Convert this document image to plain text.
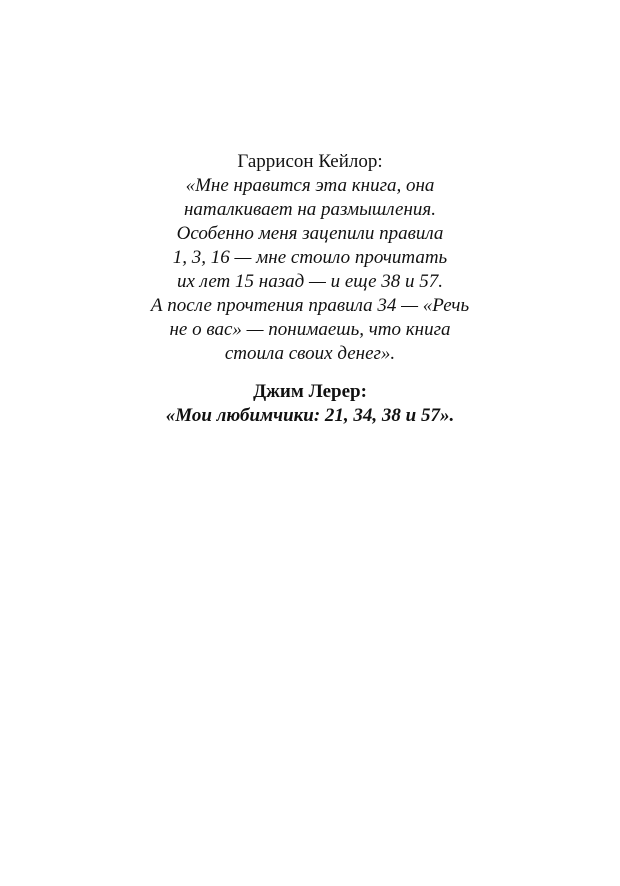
Гаррисон Кейлор:
«Мне нравится эта книга, она
наталкивает на размышления.
Особенно меня зацепили правила
1, 3, 16 — мне стоило прочитать
их лет 15 назад — и еще 38 и 57.
А после прочтения правила 34 — «Речь
не о вас» — понимаешь, что книга
стоила своих денег».
Джим Лерер:
«Мои любимчики: 21, 34, 38 и 57».
